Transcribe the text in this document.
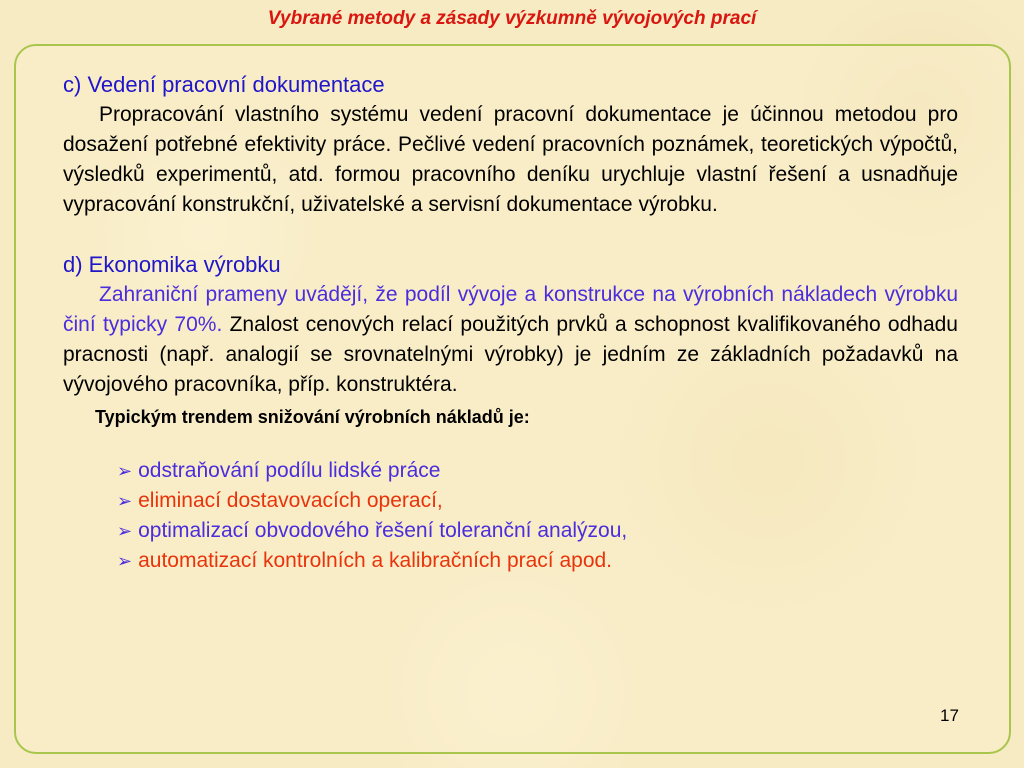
Vybrané metody a zásady výzkumně vývojových prací

c) Vedení pracovní dokumentace

Propracování vlastního systému vedení pracovní dokumentace je účinnou metodou pro dosažení potřebné efektivity práce. Pečlivé vedení pracovních poznámek, teoretických výpočtů, výsledků experimentů, atd. formou pracovního deníku urychluje vlastní řešení a usnadňuje vypracování konstrukční, uživatelské a servisní dokumentace výrobku.

d) Ekonomika výrobku

Zahraniční prameny uvádějí, že podíl vývoje a konstrukce na výrobních nákladech výrobku činí typicky 70%. Znalost cenových relací použitých prvků a schopnost kvalifikovaného odhadu pracnosti (např. analogií se srovnatelnými výrobky) je jedním ze základních požadavků na vývojového pracovníka, příp. konstruktéra.

Typickým trendem snižování výrobních nákladů je:

➢ odstraňování podílu lidské práce
➢ eliminací dostavovacích operací,
➢ optimalizací obvodového řešení toleranční analýzou,
➢ automatizací kontrolních a kalibračních prací apod.
17
